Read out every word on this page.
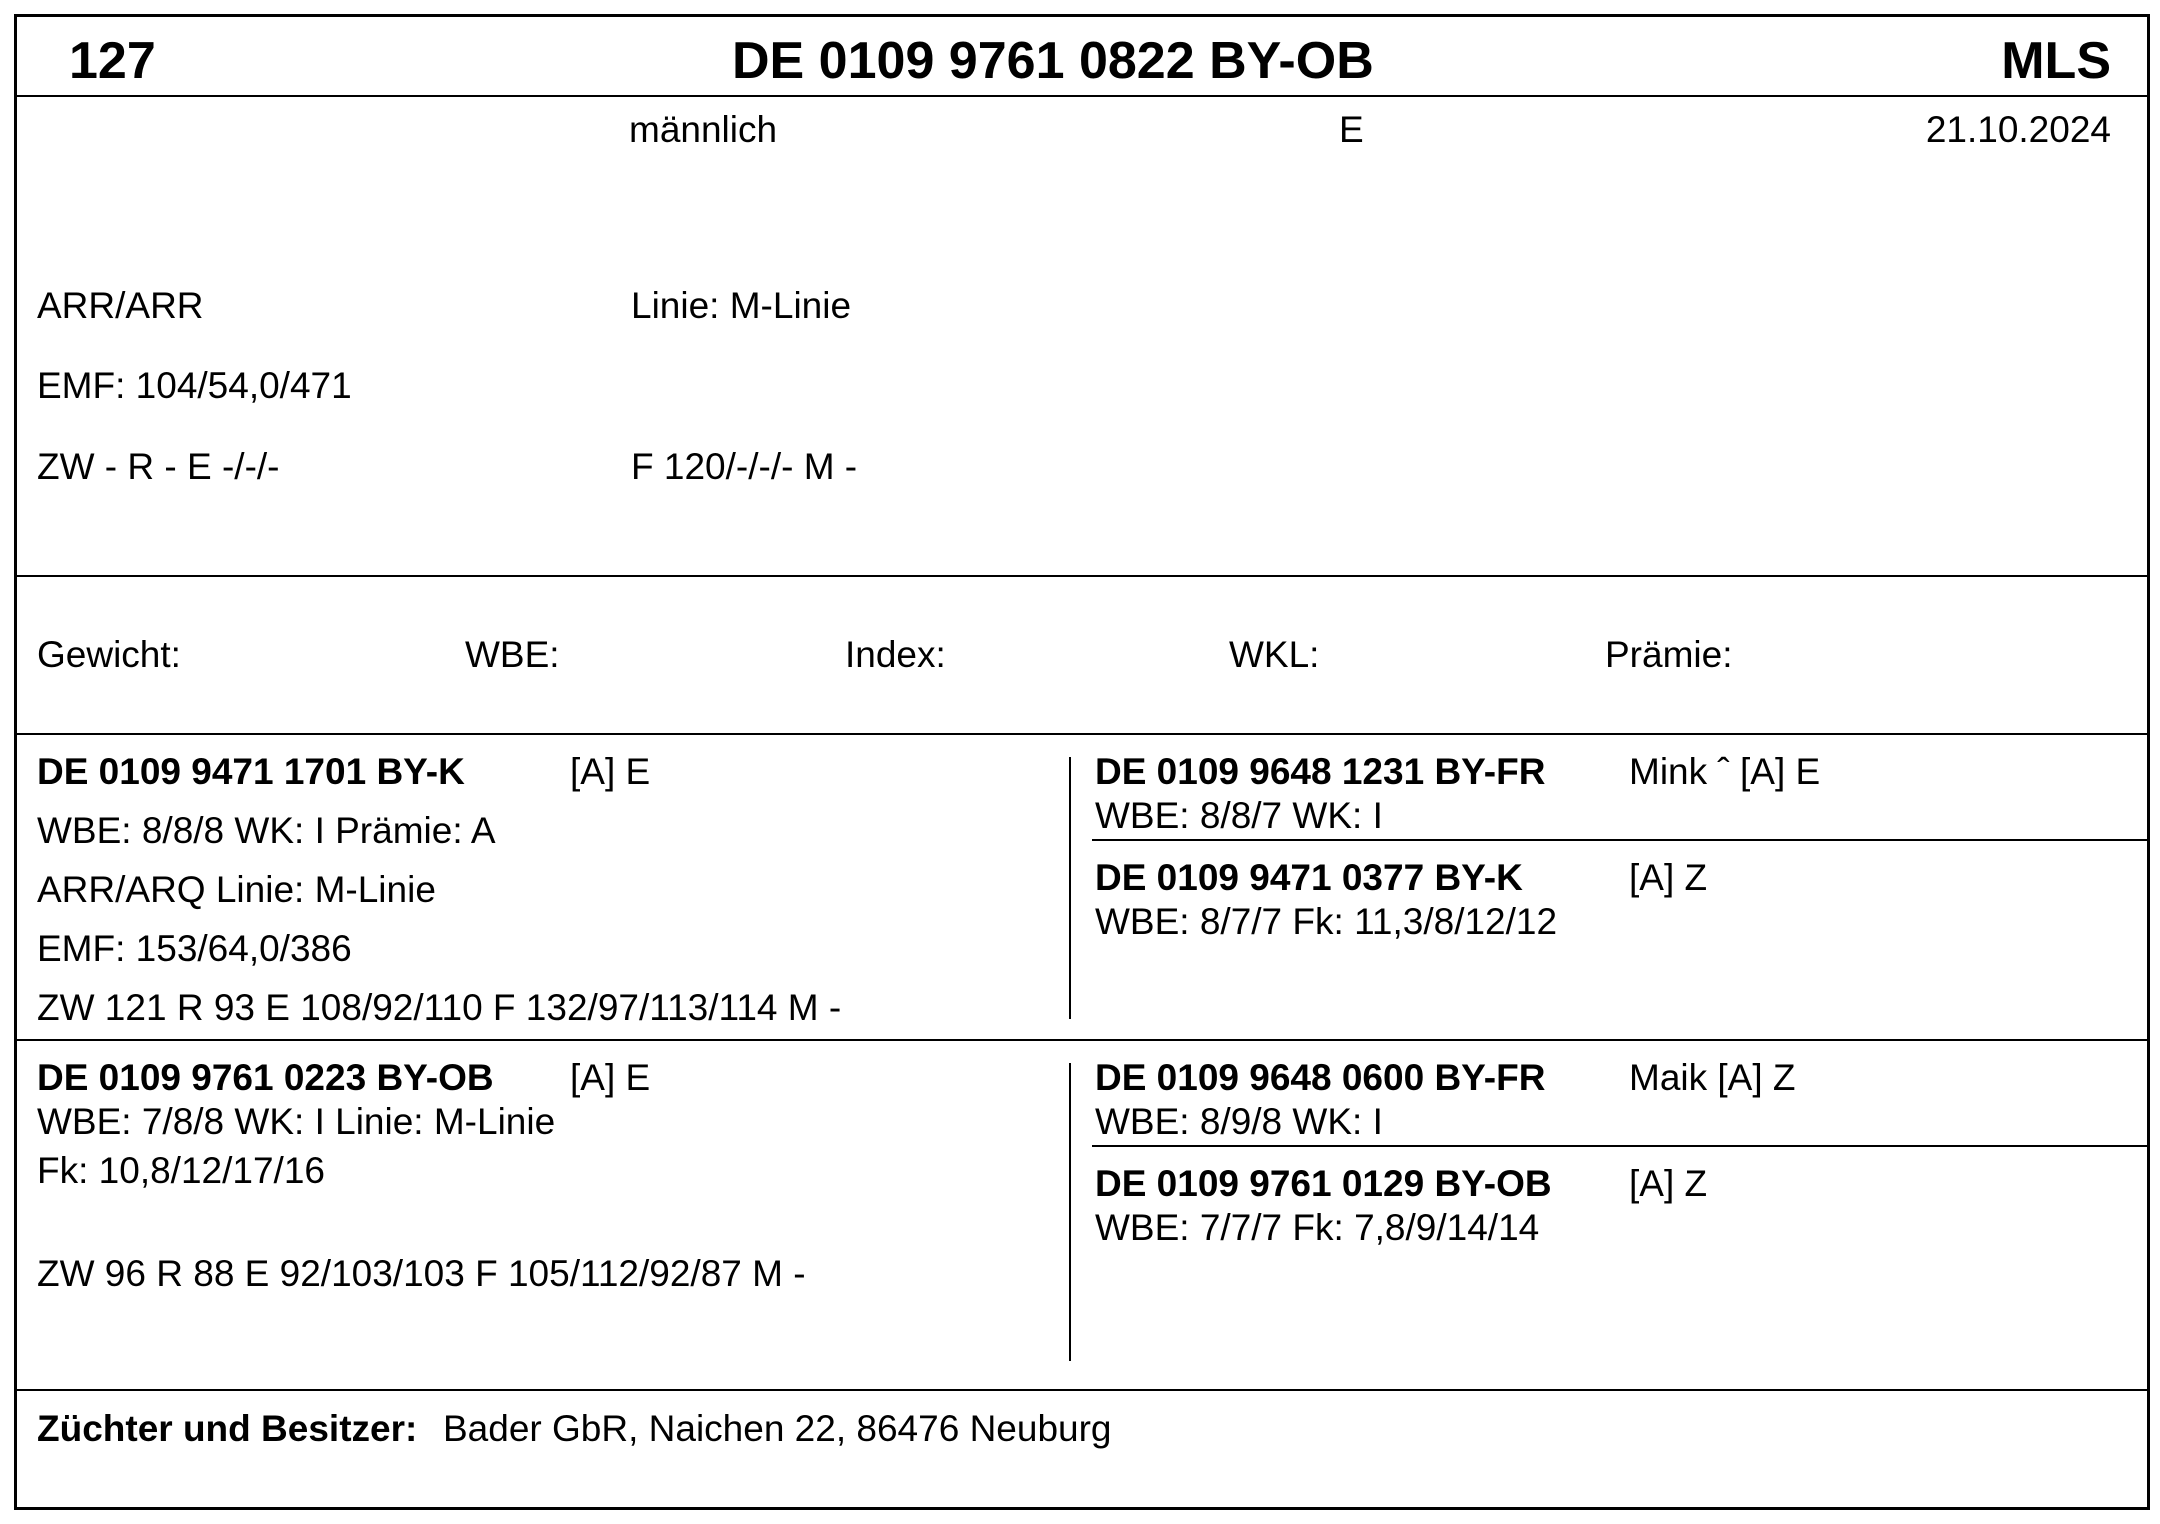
127	DE 0109 9761 0822 BY-OB	MLS
männlich	E	21.10.2024
ARR/ARR	Linie: M-Linie
EMF: 104/54,0/471
ZW - R - E -/-/-	F 120/-/-/- M -
Gewicht:	WBE:	Index:	WKL:	Prämie:
DE 0109 9471 1701 BY-K	[A] E
WBE: 8/8/8 WK: I Prämie: A
ARR/ARQ Linie: M-Linie
EMF: 153/64,0/386
ZW 121 R 93 E 108/92/110 F 132/97/113/114 M -
DE 0109 9648 1231 BY-FR Mink ˆ [A] E
WBE: 8/8/7 WK: I
DE 0109 9471 0377 BY-K	[A] Z
WBE: 8/7/7 Fk: 11,3/8/12/12
DE 0109 9761 0223 BY-OB [A] E
WBE: 7/8/8 WK: I Linie: M-Linie
Fk: 10,8/12/17/16
ZW 96 R 88 E 92/103/103 F 105/112/92/87 M -
DE 0109 9648 0600 BY-FR Maik [A] Z
WBE: 8/9/8 WK: I
DE 0109 9761 0129 BY-OB [A] Z
WBE: 7/7/7 Fk: 7,8/9/14/14
Züchter und Besitzer: Bader GbR, Naichen 22, 86476 Neuburg
